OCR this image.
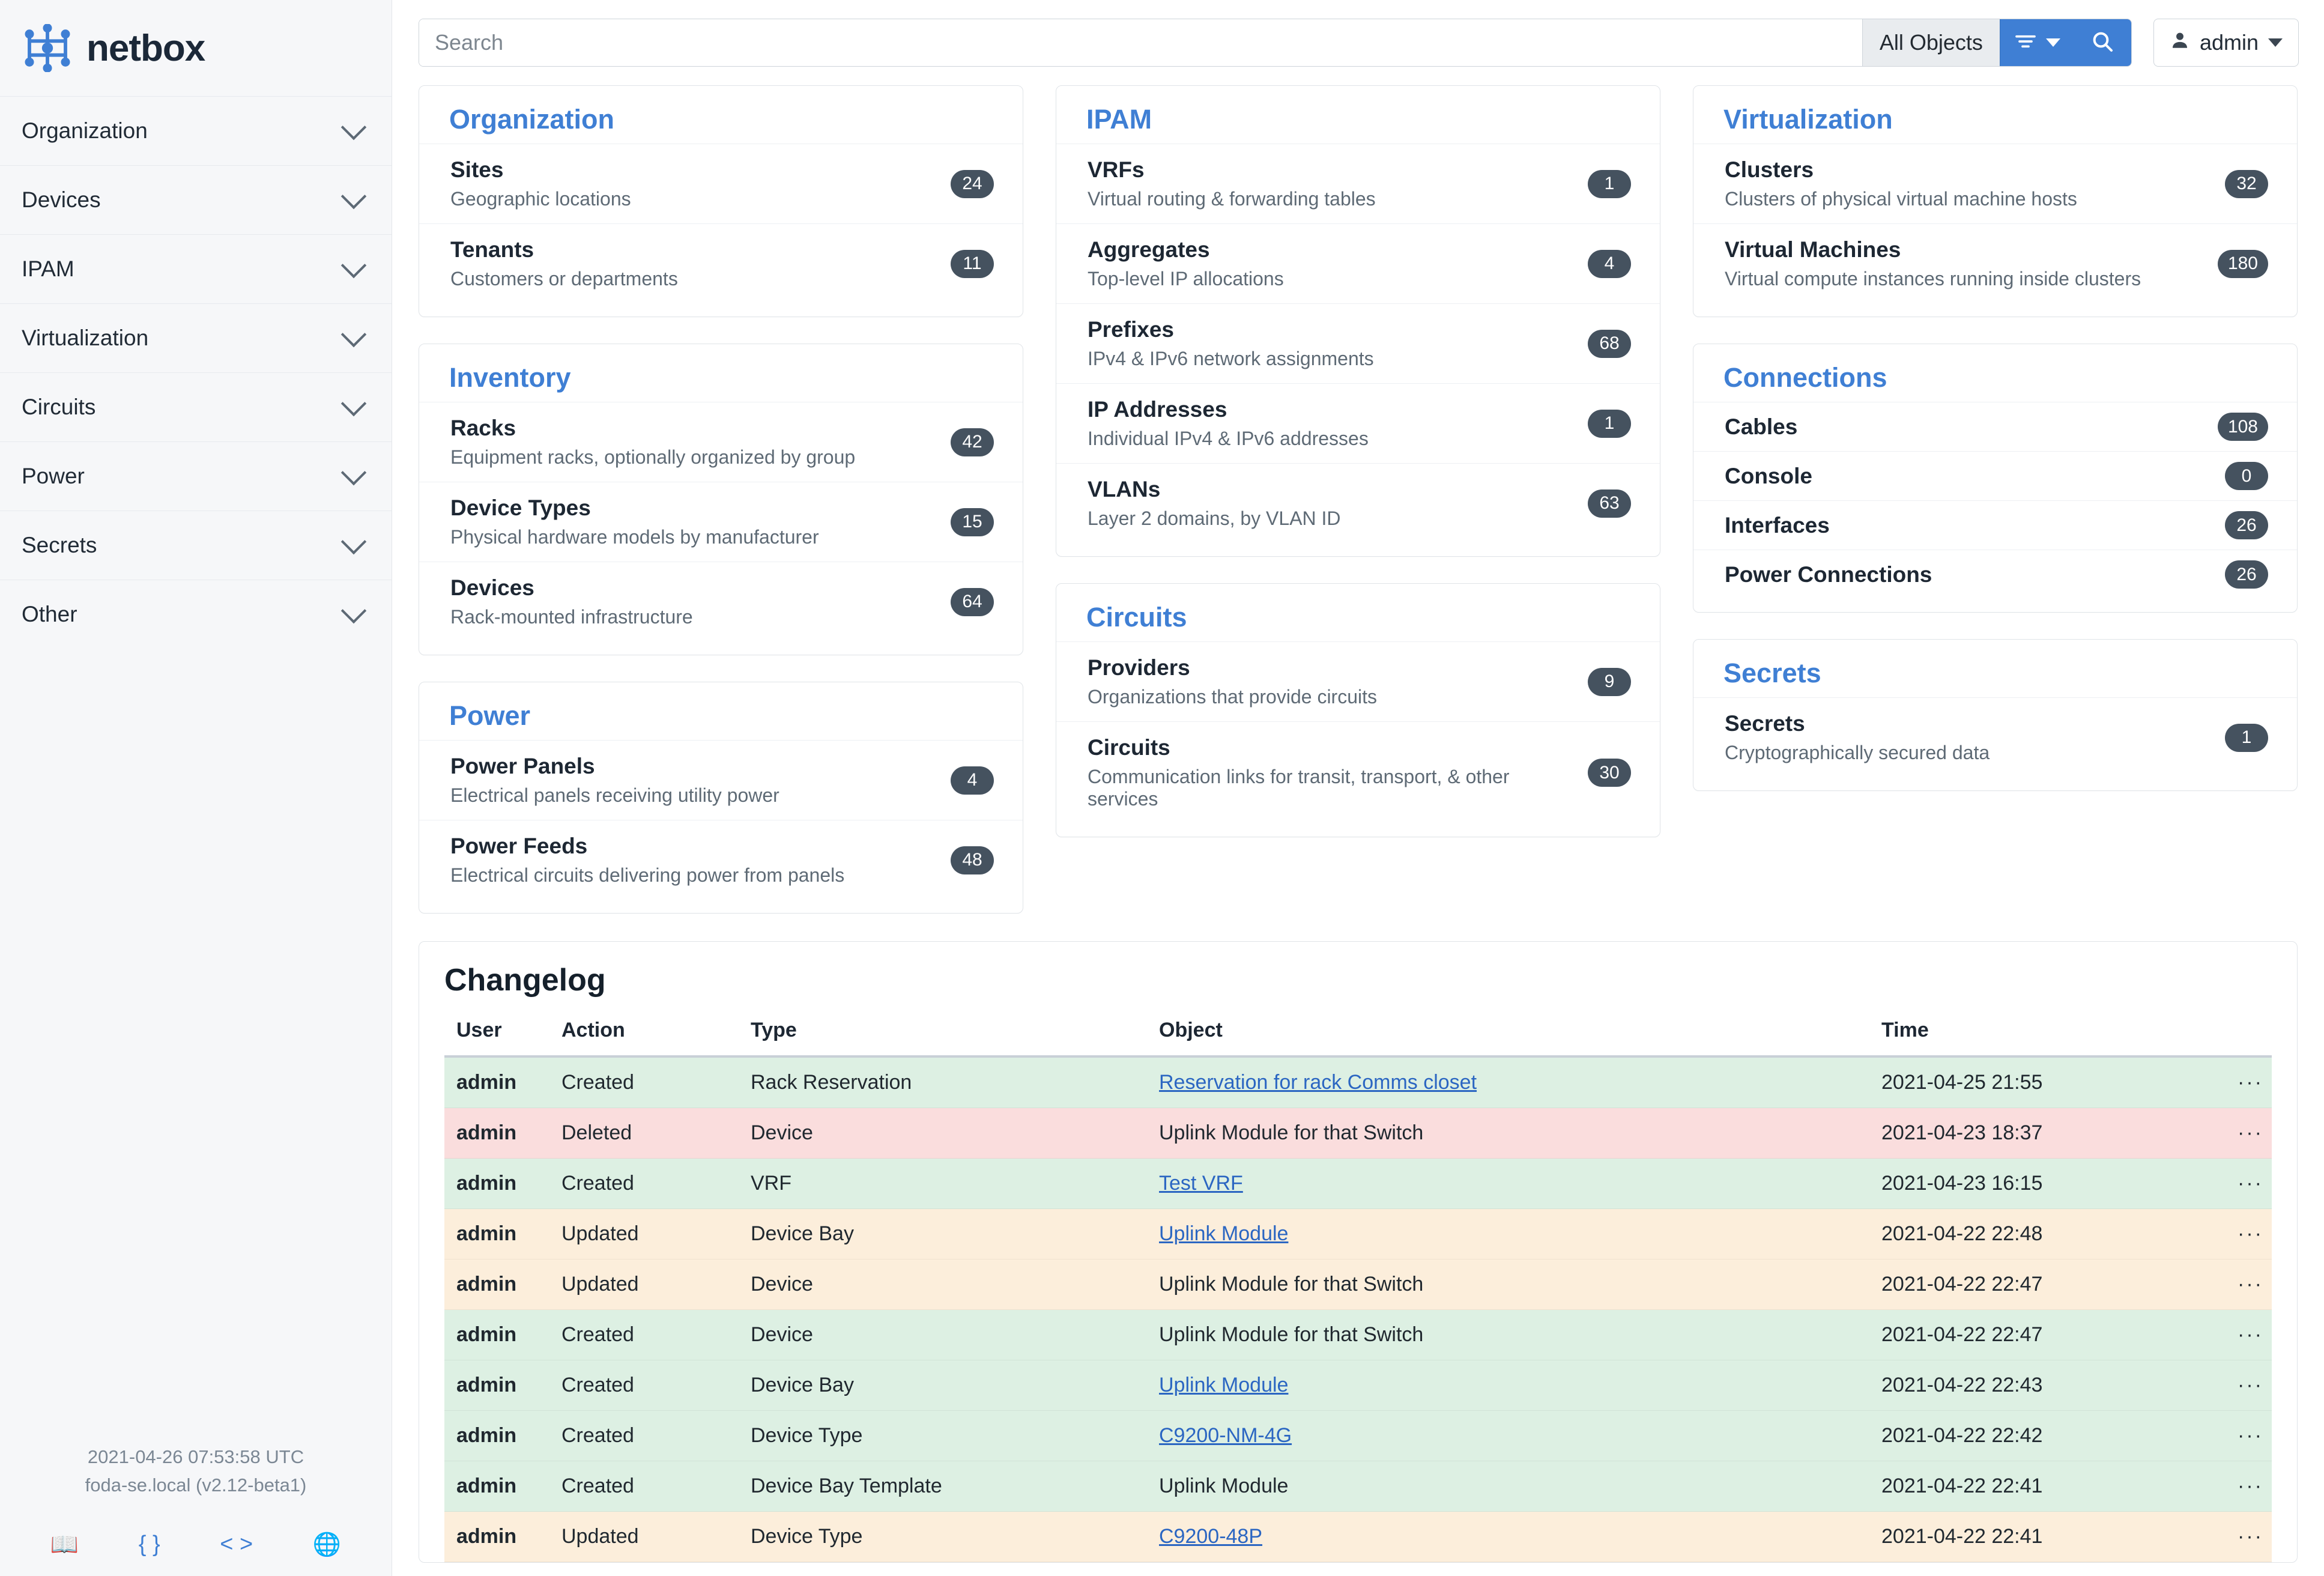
netbox
Organization
Devices
IPAM
Virtualization
Circuits
Power
Secrets
Other
2021-04-26 07:53:58 UTC
foda-se.local (v2.12-beta1)
📖	{ }	< >	🌐
Search
All Objects	admin
Organization
Sites
Geographic locations
24
Tenants
Customers or departments
11
Inventory
Racks
Equipment racks, optionally organized by group
42
Device Types
Physical hardware models by manufacturer
15
Devices
Rack-mounted infrastructure
64
Power
Power Panels
Electrical panels receiving utility power
4
Power Feeds
Electrical circuits delivering power from panels
48
IPAM
VRFs
Virtual routing & forwarding tables
1
Aggregates
Top-level IP allocations
4
Prefixes
IPv4 & IPv6 network assignments
68
IP Addresses
Individual IPv4 & IPv6 addresses
1
VLANs
Layer 2 domains, by VLAN ID
63
Circuits
Providers
Organizations that provide circuits
9
Circuits
Communication links for transit, transport, & other services
30
Virtualization
Clusters
Clusters of physical virtual machine hosts
32
Virtual Machines
Virtual compute instances running inside clusters
180
Connections
Cables	108
Console	0
Interfaces	26
Power Connections	26
Secrets
Secrets
Cryptographically secured data
1
Changelog
User	Action	Type	Object	Time	
admin	Created	Rack Reservation	Reservation for rack Comms closet	2021-04-25 21:55	···
admin	Deleted	Device	Uplink Module for that Switch	2021-04-23 18:37	···
admin	Created	VRF	Test VRF	2021-04-23 16:15	···
admin	Updated	Device Bay	Uplink Module	2021-04-22 22:48	···
admin	Updated	Device	Uplink Module for that Switch	2021-04-22 22:47	···
admin	Created	Device	Uplink Module for that Switch	2021-04-22 22:47	···
admin	Created	Device Bay	Uplink Module	2021-04-22 22:43	···
admin	Created	Device Type	C9200-NM-4G	2021-04-22 22:42	···
admin	Created	Device Bay Template	Uplink Module	2021-04-22 22:41	···
admin	Updated	Device Type	C9200-48P	2021-04-22 22:41	···
